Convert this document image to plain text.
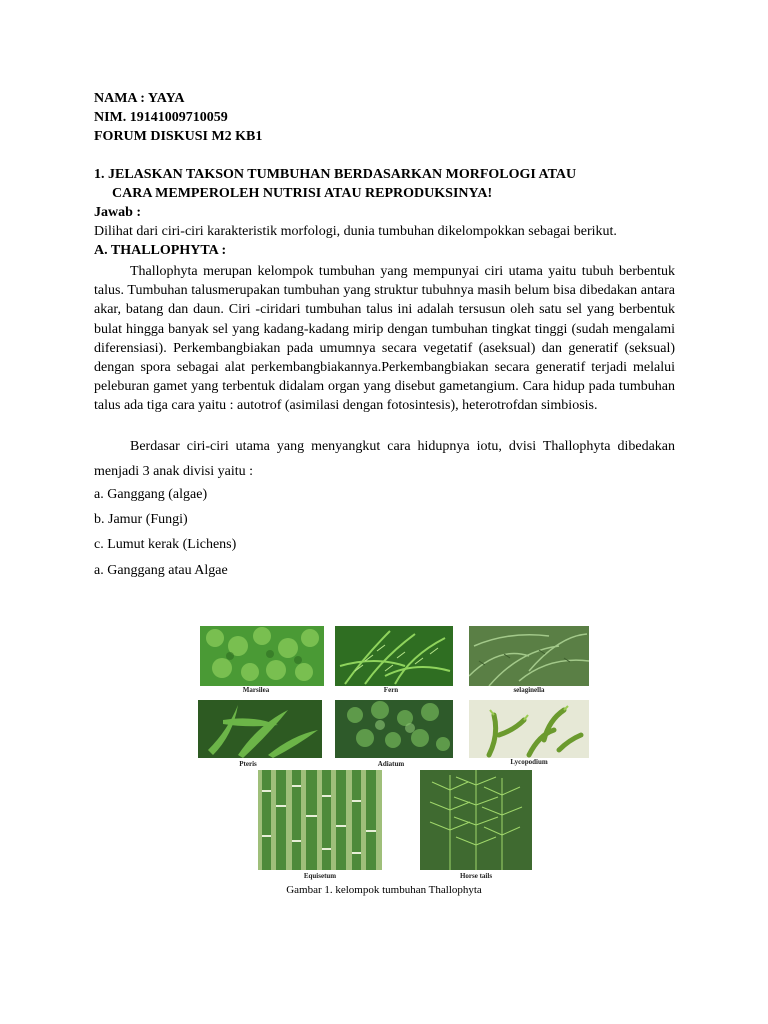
NAMA : YAYA
NIM. 19141009710059
FORUM DISKUSI M2 KB1
1. JELASKAN TAKSON TUMBUHAN BERDASARKAN MORFOLOGI ATAU
CARA MEMPEROLEH NUTRISI ATAU REPRODUKSINYA!
Jawab :
Dilihat dari ciri-ciri karakteristik morfologi, dunia tumbuhan dikelompokkan sebagai berikut.
A. THALLOPHYTA :
Thallophyta merupan kelompok tumbuhan yang mempunyai ciri utama yaitu tubuh berbentuk talus. Tumbuhan talusmerupakan tumbuhan yang struktur tubuhnya masih belum bisa dibedakan antara akar, batang dan daun. Ciri -ciridari tumbuhan talus ini adalah tersusun oleh satu sel yang berbentuk bulat hingga banyak sel yang kadang-kadang mirip dengan tumbuhan tingkat tinggi (sudah mengalami diferensiasi). Perkembangbiakan pada umumnya secara vegetatif (aseksual) dan generatif (seksual) dengan spora sebagai alat perkembangbiakannya.Perkembangbiakan secara generatif terjadi melalui peleburan gamet yang terbentuk didalam organ yang disebut gametangium. Cara hidup pada tumbuhan talus ada tiga cara yaitu : autotrof (asimilasi dengan fotosintesis), heterotrofdan simbiosis.
Berdasar ciri-ciri utama yang menyangkut cara hidupnya iotu, dvisi Thallophyta dibedakan menjadi 3 anak divisi yaitu :
a. Ganggang (algae)
b. Jamur (Fungi)
c. Lumut kerak (Lichens)
a. Ganggang atau Algae
Marsilea	Fern	selaginella
Pteris	Adiatum	Lycopodium
Equisetum	Horse tails
Gambar 1. kelompok tumbuhan Thallophyta
